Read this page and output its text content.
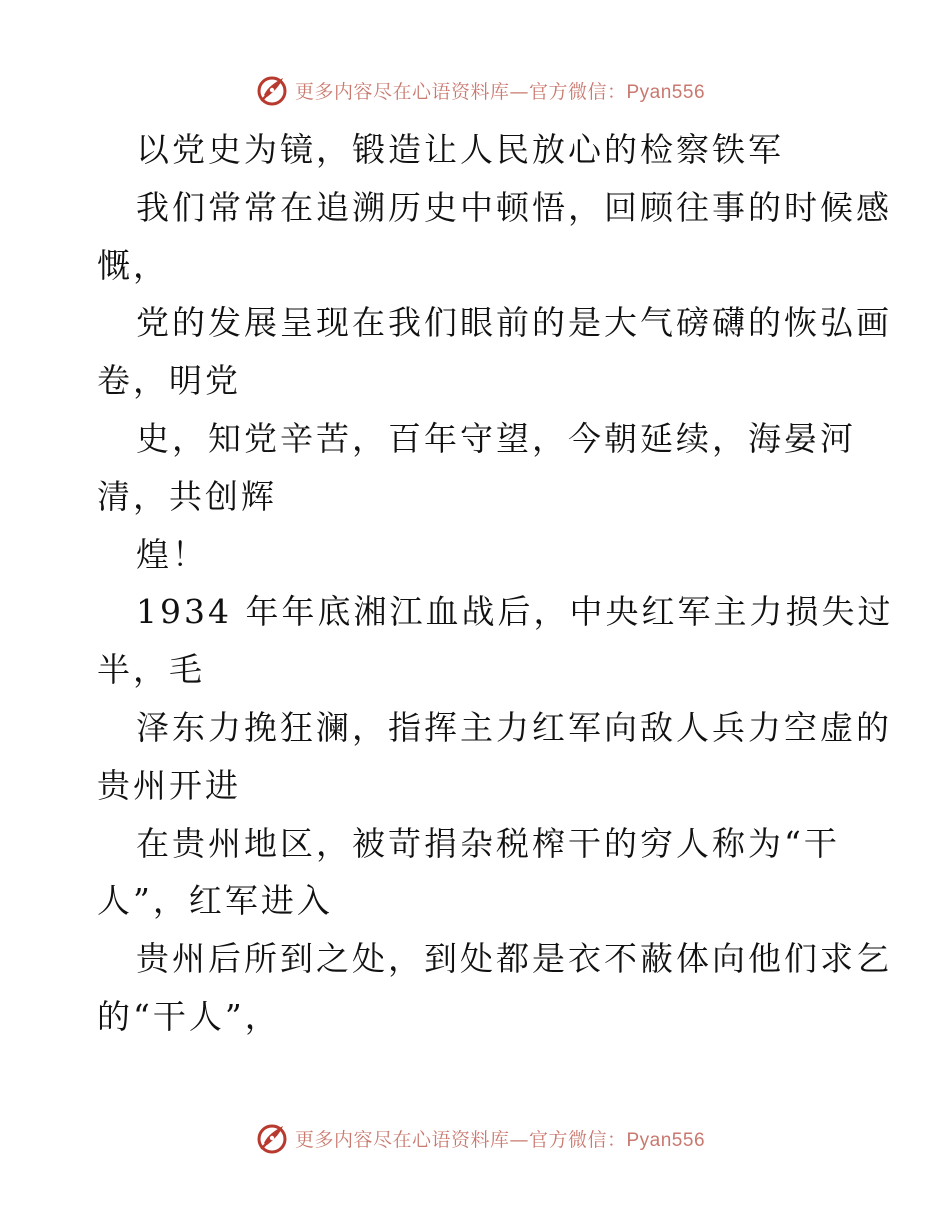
更多内容尽在心语资料库—官方微信：Pyan556
以党史为镜，锻造让人民放心的检察铁军
我们常常在追溯历史中顿悟，回顾往事的时候感
慨，
党的发展呈现在我们眼前的是大气磅礴的恢弘画
卷，明党
史，知党辛苦，百年守望，今朝延续，海晏河
清，共创辉
煌！
1934 年年底湘江血战后，中央红军主力损失过
半，毛
泽东力挽狂澜，指挥主力红军向敌人兵力空虚的
贵州开进
在贵州地区，被苛捐杂税榨干的穷人称为“干
人”，红军进入
贵州后所到之处，到处都是衣不蔽体向他们求乞
的“干人”，
更多内容尽在心语资料库—官方微信：Pyan556
